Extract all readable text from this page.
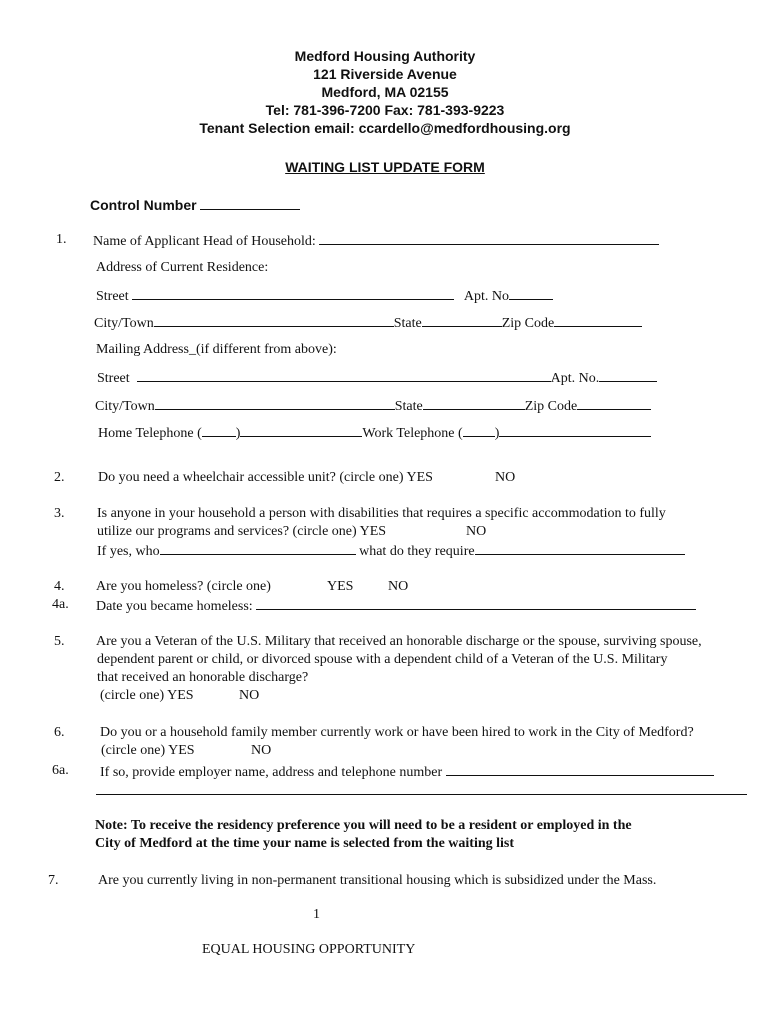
Medford Housing Authority
121 Riverside Avenue
Medford, MA 02155
Tel: 781-396-7200 Fax: 781-393-9223
Tenant Selection email: ccardello@medfordhousing.org
WAITING LIST UPDATE FORM
Control Number
1. Name of Applicant Head of Household:
Address of Current Residence:
Street	Apt. No
City/Town	State	Zip Code
Mailing Address_(if different from above):
Street	Apt. No.
City/Town	State	Zip Code
Home Telephone ( )	Work Telephone ( )
2. Do you need a wheelchair accessible unit? (circle one) YES	NO
3. Is anyone in your household a person with disabilities that requires a specific accommodation to fully
utilize our programs and services? (circle one) YES	NO
If yes, who	what do they require
4. Are you homeless? (circle one)	YES NO
4a. Date you became homeless:
5. Are you a Veteran of the U.S. Military that received an honorable discharge or the spouse, surviving spouse,
dependent parent or child, or divorced spouse with a dependent child of a Veteran of the U.S. Military
that received an honorable discharge?
(circle one) YES	NO
6.	Do you or a household family member currently work or have been hired to work in the City of Medford?
(circle one) YES	NO
6a. If so, provide employer name, address and telephone number
Note: To receive the residency preference you will need to be a resident or employed in the
City of Medford at the time your name is selected from the waiting list
7.	Are you currently living in non-permanent transitional housing which is subsidized under the Mass.
1
EQUAL HOUSING OPPORTUNITY
